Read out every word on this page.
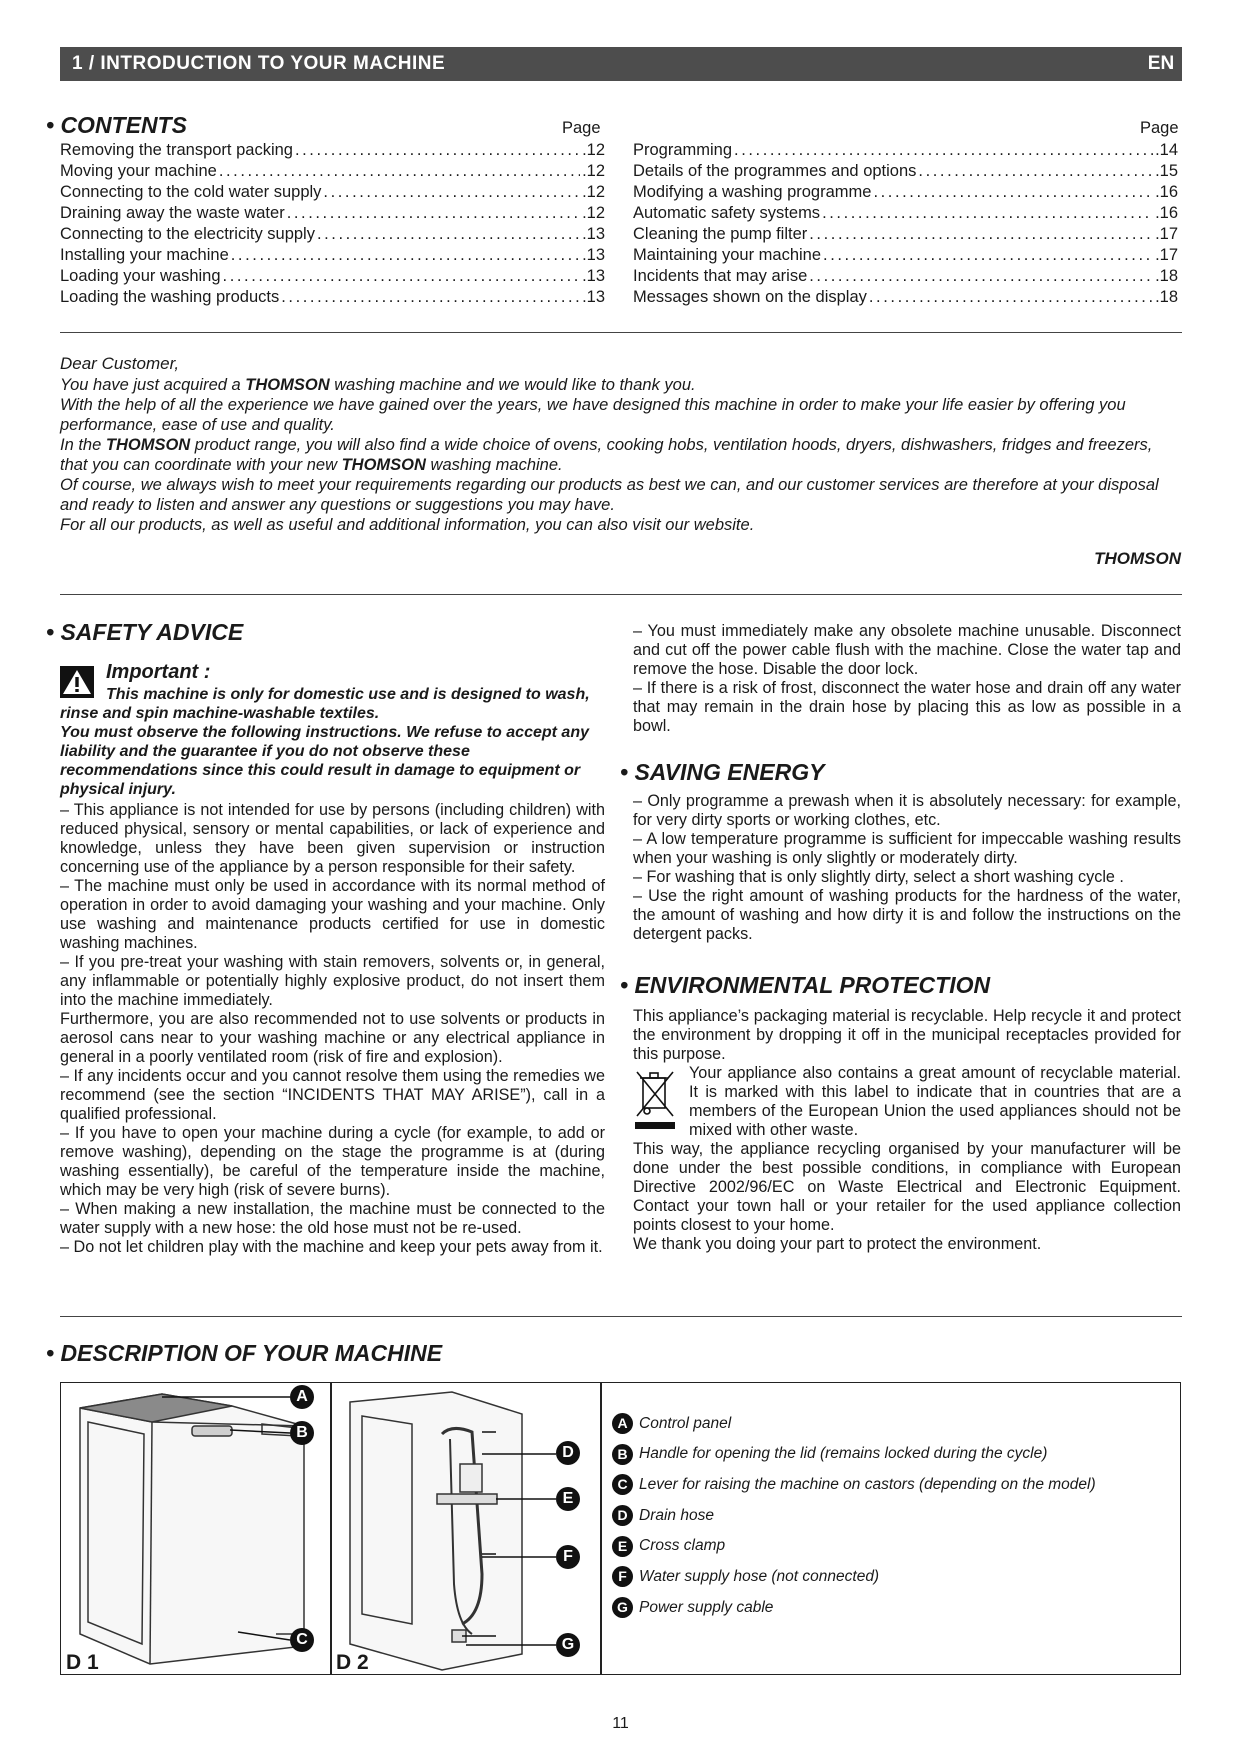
1 / INTRODUCTION TO YOUR MACHINE	EN
• CONTENTS	Page	Page
Removing the transport packing . . .	.12
Moving your machine . . .	.12
Connecting to the cold water supply . . .	.12
Draining away the waste water . . .	.12
Connecting to the electricity supply . . .	.13
Installing your machine . . .	.13
Loading your washing . . .	.13
Loading the washing products . . .	.13
Programming . . .	.14
Details of the programmes and options . . .	.15
Modifying a washing programme . . .	.16
Automatic safety systems . . .	.16
Cleaning the pump filter . . .	.17
Maintaining your machine . . .	.17
Incidents that may arise . . .	.18
Messages shown on the display . . .	.18

Dear Customer,

You have just acquired a THOMSON washing machine and we would like to thank you.

With the help of all the experience we have gained over the years, we have designed this machine in order to make your life easier by offering you performance, ease of use and quality.

In the THOMSON product range, you will also find a wide choice of ovens, cooking hobs, ventilation hoods, dryers, dishwashers, fridges and freezers, that you can coordinate with your new THOMSON washing machine.

Of course, we always wish to meet your requirements regarding our products as best we can, and our customer services are therefore at your disposal and ready to listen and answer any questions or suggestions you may have.

For all our products, as well as useful and additional information, you can also visit our website.

THOMSON
• SAFETY ADVICE
Important :
This machine is only for domestic use and is designed to wash, rinse and spin machine-washable textiles.
You must observe the following instructions. We refuse to accept any liability and the guarantee if you do not observe these recommendations since this could result in damage to equipment or physical injury.

– This appliance is not intended for use by persons (including children) with reduced physical, sensory or mental capabilities, or lack of experience and knowledge, unless they have been given supervision or instruction concerning use of the appliance by a person responsible for their safety.

– The machine must only be used in accordance with its normal method of operation in order to avoid damaging your washing and your machine. Only use washing and maintenance products certified for use in domestic washing machines.

– If you pre-treat your washing with stain removers, solvents or, in general, any inflammable or potentially highly explosive product, do not insert them into the machine immediately.

Furthermore, you are also recommended not to use solvents or products in aerosol cans near to your washing machine or any electrical appliance in general in a poorly ventilated room (risk of fire and explosion).

– If any incidents occur and you cannot resolve them using the remedies we recommend (see the section “INCIDENTS THAT MAY ARISE”), call in a qualified professional.

– If you have to open your machine during a cycle (for example, to add or remove washing), depending on the stage the programme is at (during washing essentially), be careful of the temperature inside the machine, which may be very high (risk of severe burns).

– When making a new installation, the machine must be connected to the water supply with a new hose: the old hose must not be re-used.

– Do not let children play with the machine and keep your pets away from it.

– You must immediately make any obsolete machine unusable. Disconnect and cut off the power cable flush with the machine. Close the water tap and remove the hose. Disable the door lock.

– If there is a risk of frost, disconnect the water hose and drain off any water that may remain in the drain hose by placing this as low as possible in a bowl.

• SAVING ENERGY

– Only programme a prewash when it is absolutely necessary: for example, for very dirty sports or working clothes, etc.

– A low temperature programme is sufficient for impeccable washing results when your washing is only slightly or moderately dirty.

– For washing that is only slightly dirty, select a short washing cycle .

– Use the right amount of washing products for the hardness of the water, the amount of washing and how dirty it is and follow the instructions on the detergent packs.

• ENVIRONMENTAL PROTECTION

This appliance’s packaging material is recyclable. Help recycle it and protect the environment by dropping it off in the municipal receptacles provided for this purpose.

Your appliance also contains a great amount of recyclable material. It is marked with this label to indicate that in countries that are a members of the European Union the used appliances should not be mixed with other waste.

This way, the appliance recycling organised by your manufacturer will be done under the best possible conditions, in compliance with European Directive 2002/96/EC on Waste Electrical and Electronic Equipment. Contact your town hall or your retailer for the used appliance collection points closest to your home.

We thank you doing your part to protect the environment.

• DESCRIPTION OF YOUR MACHINE
A
B
C
D 1
D
E
F
G
D 2
A Control panel
B Handle for opening the lid (remains locked during the cycle)
C Lever for raising the machine on castors (depending on the model)
D Drain hose
E Cross clamp
F Water supply hose (not connected)
G Power supply cable
11
